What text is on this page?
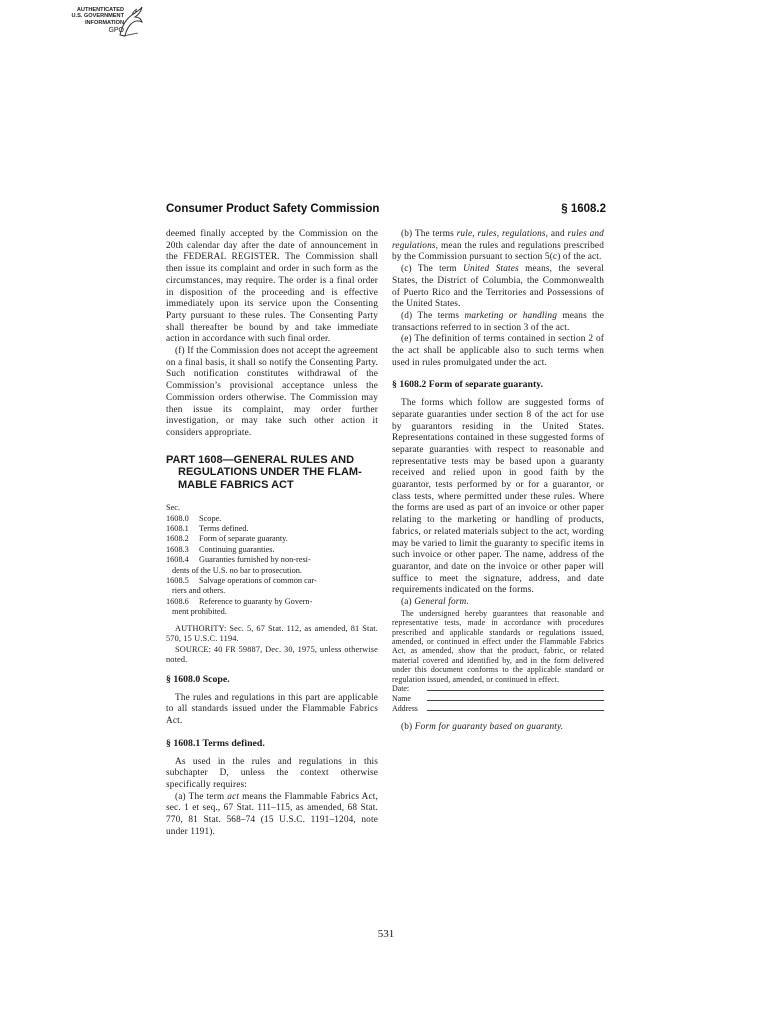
AUTHENTICATED
U.S. GOVERNMENT
INFORMATION
GPO
Consumer Product Safety Commission	§ 1608.2

deemed finally accepted by the Commission on the 20th calendar day after the date of announcement in the FEDERAL REGISTER. The Commission shall then issue its complaint and order in such form as the circumstances, may require. The order is a final order in disposition of the proceeding and is effective immediately upon its service upon the Consenting Party pursuant to these rules. The Consenting Party shall thereafter be bound by and take immediate action in accordance with such final order.

(f) If the Commission does not accept the agreement on a final basis, it shall so notify the Consenting Party. Such notification constitutes withdrawal of the Commission’s provisional acceptance unless the Commission orders otherwise. The Commission may then issue its complaint, may order further investigation, or may take such other action it considers appropriate.

PART 1608—GENERAL RULES AND
REGULATIONS UNDER THE FLAM-
MABLE FABRICS ACT
Sec.
1608.0	Scope.
1608.1	Terms defined.
1608.2	Form of separate guaranty.
1608.3	Continuing guaranties.
1608.4	Guaranties furnished by non-resi-
dents of the U.S. no bar to prosecution.
1608.5	Salvage operations of common car-
riers and others.
1608.6	Reference to guaranty by Govern-
ment prohibited.

AUTHORITY: Sec. 5, 67 Stat. 112, as amended, 81 Stat. 570, 15 U.S.C. 1194.

SOURCE: 40 FR 59887, Dec. 30, 1975, unless otherwise noted.

§ 1608.0 Scope.

The rules and regulations in this part are applicable to all standards issued under the Flammable Fabrics Act.

§ 1608.1 Terms defined.

As used in the rules and regulations in this subchapter D, unless the context otherwise specifically requires:

(a) The term act means the Flammable Fabrics Act, sec. 1 et seq., 67 Stat. 111–115, as amended, 68 Stat. 770, 81 Stat. 568–74 (15 U.S.C. 1191–1204, note under 1191).

(b) The terms rule, rules, regulations, and rules and regulations, mean the rules and regulations prescribed by the Commission pursuant to section 5(c) of the act.

(c) The term United States means, the several States, the District of Columbia, the Commonwealth of Puerto Rico and the Territories and Possessions of the United States.

(d) The terms marketing or handling means the transactions referred to in section 3 of the act.

(e) The definition of terms contained in section 2 of the act shall be applicable also to such terms when used in rules promulgated under the act.

§ 1608.2 Form of separate guaranty.

The forms which follow are suggested forms of separate guaranties under section 8 of the act for use by guarantors residing in the United States. Representations contained in these suggested forms of separate guaranties with respect to reasonable and representative tests may be based upon a guaranty received and relied upon in good faith by the guarantor, tests performed by or for a guarantor, or class tests, where permitted under these rules. Where the forms are used as part of an invoice or other paper relating to the marketing or handling of products, fabrics, or related materials subject to the act, wording may be varied to limit the guaranty to specific items in such invoice or other paper. The name, address of the guarantor, and date on the invoice or other paper will suffice to meet the signature, address, and date requirements indicated on the forms.

(a) General form.

The undersigned hereby guarantees that reasonable and representative tests, made in accordance with procedures prescribed and applicable standards or regulations issued, amended, or continued in effect under the Flammable Fabrics Act, as amended, show that the product, fabric, or related material covered and identified by, and in the form delivered under this document conforms to the applicable standard or regulation issued, amended, or continued in effect.

Date:
Name
Address

(b) Form for guaranty based on guaranty.

531
